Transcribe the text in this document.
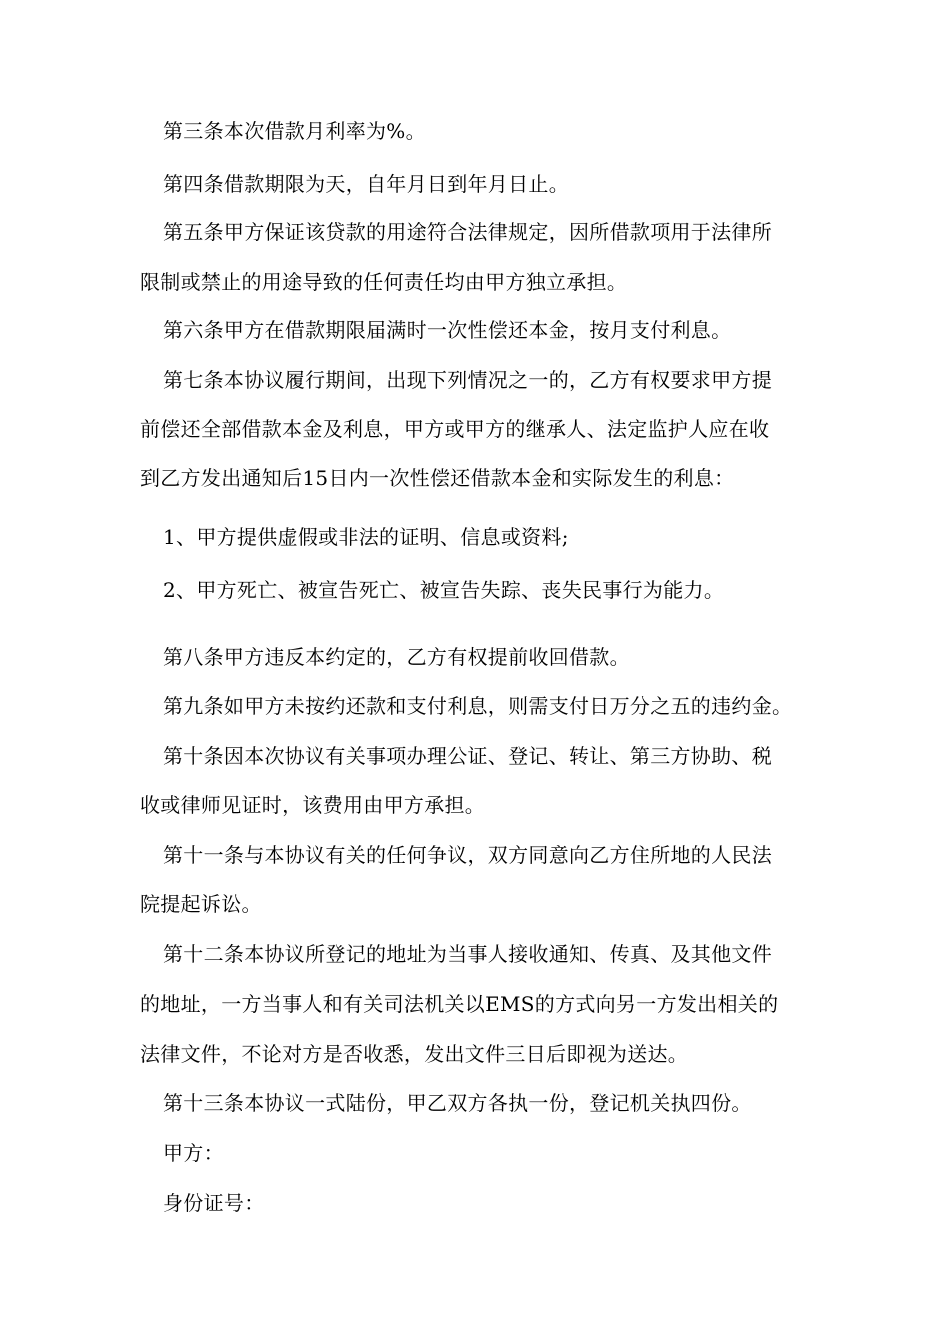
第三条本次借款月利率为%。
第四条借款期限为天，自年月日到年月日止。
第五条甲方保证该贷款的用途符合法律规定，因所借款项用于法律所
限制或禁止的用途导致的任何责任均由甲方独立承担。
第六条甲方在借款期限届满时一次性偿还本金，按月支付利息。
第七条本协议履行期间，出现下列情况之一的，乙方有权要求甲方提
前偿还全部借款本金及利息，甲方或甲方的继承人、法定监护人应在收
到乙方发出通知后15日内一次性偿还借款本金和实际发生的利息：
1、甲方提供虚假或非法的证明、信息或资料;
2、甲方死亡、被宣告死亡、被宣告失踪、丧失民事行为能力。
第八条甲方违反本约定的，乙方有权提前收回借款。
第九条如甲方未按约还款和支付利息，则需支付日万分之五的违约金。
第十条因本次协议有关事项办理公证、登记、转让、第三方协助、税
收或律师见证时，该费用由甲方承担。
第十一条与本协议有关的任何争议，双方同意向乙方住所地的人民法
院提起诉讼。
第十二条本协议所登记的地址为当事人接收通知、传真、及其他文件
的地址，一方当事人和有关司法机关以EMS的方式向另一方发出相关的
法律文件，不论对方是否收悉，发出文件三日后即视为送达。
第十三条本协议一式陆份，甲乙双方各执一份，登记机关执四份。
甲方：
身份证号：
